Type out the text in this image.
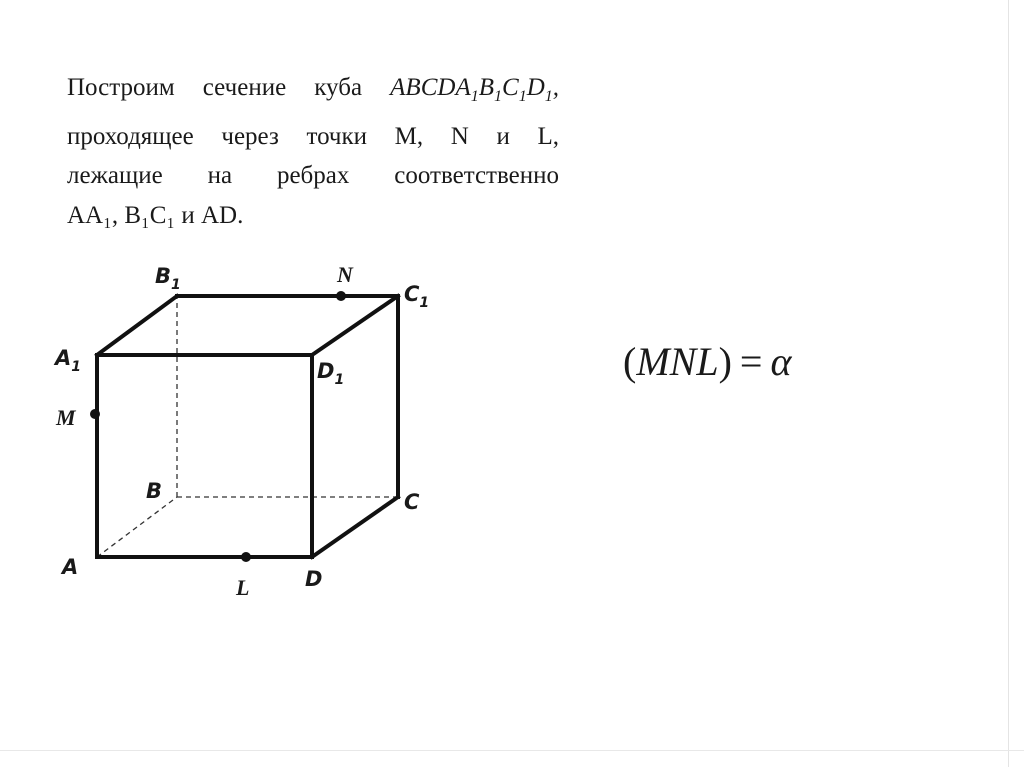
Построим сечение куба $ABCDA_1B_1C_1D_1$,
проходящее через точки M, N и L,
лежащие на ребрах соответственно
AA₁, B₁C₁ и AD.
(MNL) = α
A
B	C
D
$A_1$
$B_1$	$C_1$
$D_1$
M
N
L
